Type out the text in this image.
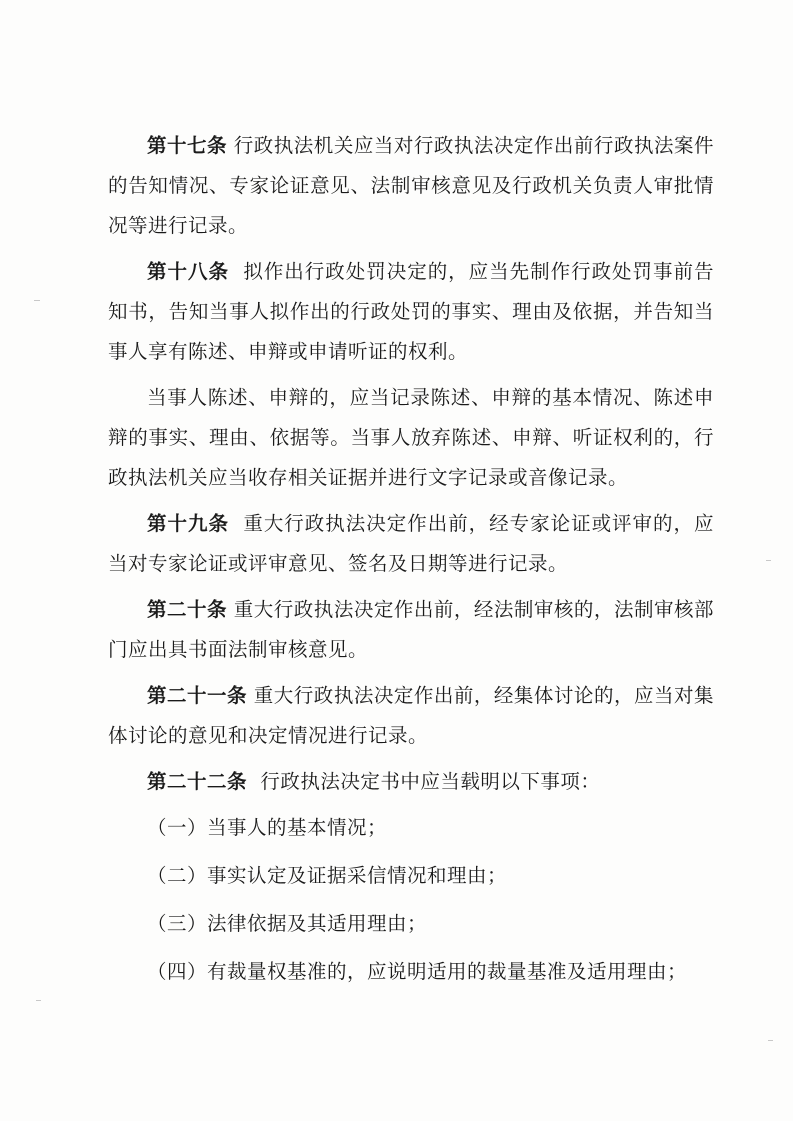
第十七条 行政执法机关应当对行政执法决定作出前行政执法案件的告知情况、专家论证意见、法制审核意见及行政机关负责人审批情况等进行记录。

第十八条 拟作出行政处罚决定的，应当先制作行政处罚事前告知书，告知当事人拟作出的行政处罚的事实、理由及依据，并告知当事人享有陈述、申辩或申请听证的权利。

当事人陈述、申辩的，应当记录陈述、申辩的基本情况、陈述申辩的事实、理由、依据等。当事人放弃陈述、申辩、听证权利的，行政执法机关应当收存相关证据并进行文字记录或音像记录。

第十九条 重大行政执法决定作出前，经专家论证或评审的，应当对专家论证或评审意见、签名及日期等进行记录。

第二十条 重大行政执法决定作出前，经法制审核的，法制审核部门应出具书面法制审核意见。

第二十一条 重大行政执法决定作出前，经集体讨论的，应当对集体讨论的意见和决定情况进行记录。

第二十二条 行政执法决定书中应当载明以下事项：

（一）当事人的基本情况；

（二）事实认定及证据采信情况和理由；

（三）法律依据及其适用理由；

（四）有裁量权基准的，应说明适用的裁量基准及适用理由；
